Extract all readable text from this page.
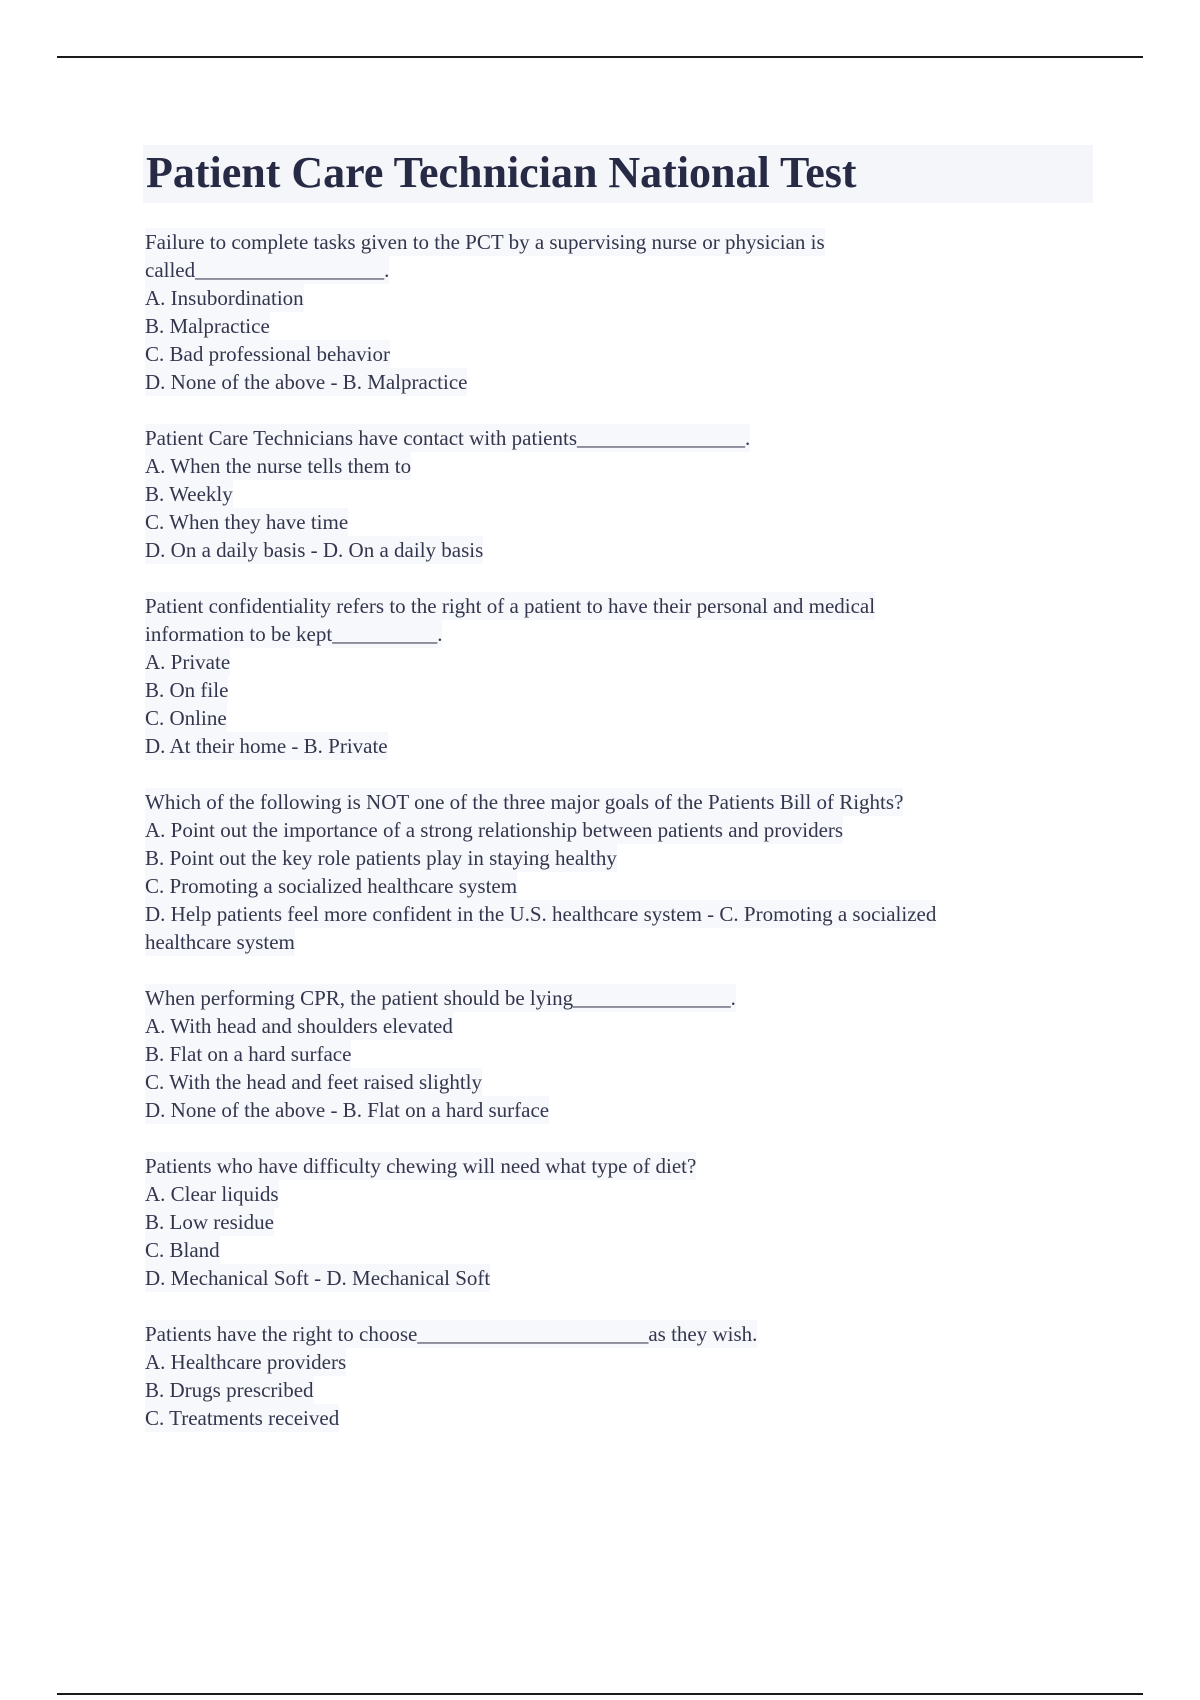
Patient Care Technician National Test
Failure to complete tasks given to the PCT by a supervising nurse or physician is
called__________________.
A. Insubordination
B. Malpractice
C. Bad professional behavior
D. None of the above - B. Malpractice
Patient Care Technicians have contact with patients________________.
A. When the nurse tells them to
B. Weekly
C. When they have time
D. On a daily basis - D. On a daily basis
Patient confidentiality refers to the right of a patient to have their personal and medical
information to be kept__________.
A. Private
B. On file
C. Online
D. At their home - B. Private
Which of the following is NOT one of the three major goals of the Patients Bill of Rights?
A. Point out the importance of a strong relationship between patients and providers
B. Point out the key role patients play in staying healthy
C. Promoting a socialized healthcare system
D. Help patients feel more confident in the U.S. healthcare system - C. Promoting a socialized
healthcare system
When performing CPR, the patient should be lying_______________.
A. With head and shoulders elevated
B. Flat on a hard surface
C. With the head and feet raised slightly
D. None of the above - B. Flat on a hard surface
Patients who have difficulty chewing will need what type of diet?
A. Clear liquids
B. Low residue
C. Bland
D. Mechanical Soft - D. Mechanical Soft
Patients have the right to choose______________________as they wish.
A. Healthcare providers
B. Drugs prescribed
C. Treatments received
